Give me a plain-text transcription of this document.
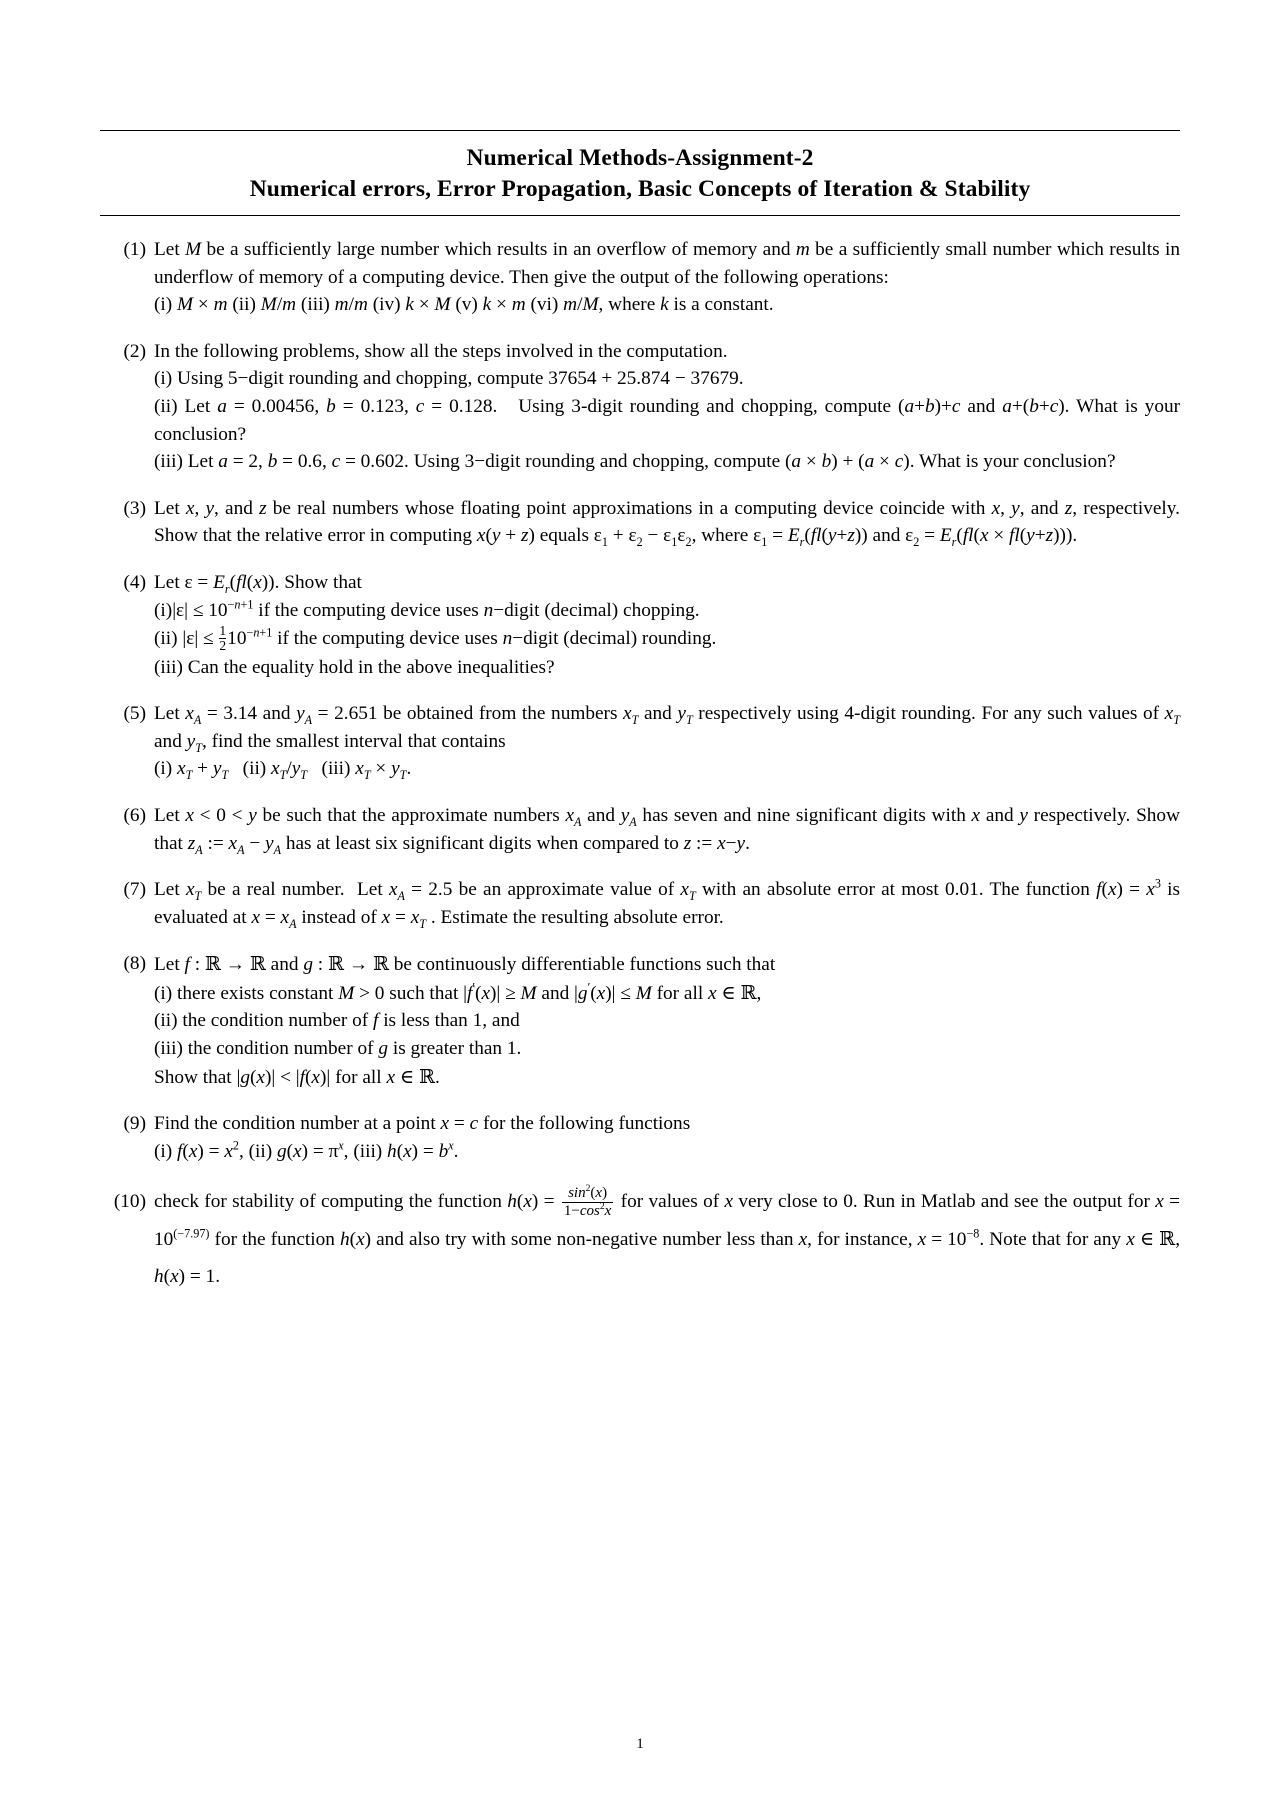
Numerical Methods-Assignment-2
Numerical errors, Error Propagation, Basic Concepts of Iteration & Stability
(1) Let M be a sufficiently large number which results in an overflow of memory and m be a sufficiently small number which results in underflow of memory of a computing device. Then give the output of the following operations:
(i) M × m (ii) M/m (iii) m/m (iv) k × M (v) k × m (vi) m/M, where k is a constant.
(2) In the following problems, show all the steps involved in the computation.
(i) Using 5−digit rounding and chopping, compute 37654 + 25.874 − 37679.
(ii) Let a = 0.00456, b = 0.123, c = 0.128.   Using 3-digit rounding and chopping, compute (a+b)+c and a+(b+c). What is your conclusion?
(iii) Let a = 2, b = 0.6, c = 0.602. Using 3−digit rounding and chopping, compute (a × b) + (a × c). What is your conclusion?
(3) Let x, y, and z be real numbers whose floating point approximations in a computing device coincide with x, y, and z, respectively. Show that the relative error in computing x(y + z) equals $\varepsilon_1 + \varepsilon_2 - \varepsilon_1\varepsilon_2$, where $\varepsilon_1 = E_r(fl(y+z))$ and $\varepsilon_2 = E_r(fl(x \times fl(y+z)))$.
(4) Let $\varepsilon = E_r(fl(x))$. Show that
$(i)|\varepsilon| \le 10^{-n+1}$ if the computing device uses n−digit (decimal) chopping.
(ii) $|\varepsilon| \le \frac{1}{2} 10^{-n+1}$ if the computing device uses n−digit (decimal) rounding.
(iii) Can the equality hold in the above inequalities?
(5) Let $x_A = 3.14$ and $y_A = 2.651$ be obtained from the numbers $x_T$ and $y_T$ respectively using 4-digit rounding. For any such values of $x_T$ and $y_T$, find the smallest interval that contains
(i) $x_T + y_T$   (ii) $x_T/y_T$   (iii) $x_T \times y_T$.
(6) Let x < 0 < y be such that the approximate numbers $x_A$ and $y_A$ has seven and nine significant digits with x and y respectively. Show that $z_A$ := $x_A - y_A$ has at least six significant digits when compared to z := x−y.
(7) Let $x_T$ be a real number.  Let $x_A = 2.5$ be an approximate value of $x_T$ with an absolute error at most 0.01. The function $f(x) = x^3$ is evaluated at $x = x_A$ instead of $x = x_T$ . Estimate the resulting absolute error.
(8) Let f : ℝ → ℝ and g : ℝ → ℝ be continuously differentiable functions such that
(i) there exists constant M > 0 such that |f′(x)| ≥ M and |g′(x)| ≤ M for all x ∈ ℝ,
(ii) the condition number of f is less than 1, and
(iii) the condition number of g is greater than 1.
Show that |g(x)| < |f(x)| for all x ∈ ℝ.
(9) Find the condition number at a point x = c for the following functions
(i) $f(x) = x^2$, (ii) $g(x) = \pi^x$, (iii) $h(x) = b^x$.
(10) check for stability of computing the function $h(x) = \frac{\sin^2(x)}{1-\cos^2x}$ for values of x very close to 0. Run in Matlab and see the output for $x = 10^{(-7.97)}$ for the function h(x) and also try with some non-negative number less than x, for instance, $x = 10^{-8}$. Note that for any x ∈ ℝ, h(x) = 1.
1
